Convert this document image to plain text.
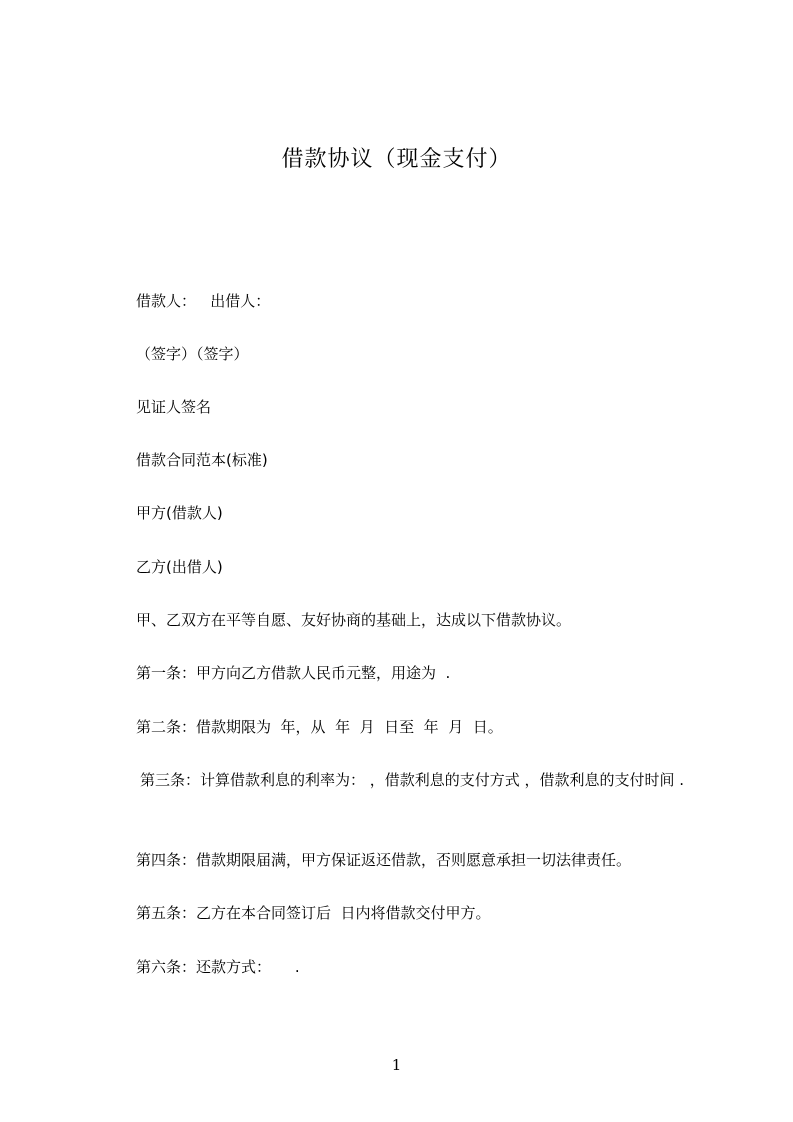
借款协议（现金支付）
借款人：   出借人：
（签字）（签字）
见证人签名
借款合同范本(标准)
甲方(借款人)
乙方(出借人)
甲、乙双方在平等自愿、友好协商的基础上，达成以下借款协议。
第一条：甲方向乙方借款人民币元整，用途为  .
第二条：借款期限为  年，从  年  月  日至  年  月  日。
第三条：计算借款利息的利率为： ，借款利息的支付方式 ，借款利息的支付时间 .
第四条：借款期限届满，甲方保证返还借款，否则愿意承担一切法律责任。
第五条：乙方在本合同签订后  日内将借款交付甲方。
第六条：还款方式：     .
1
